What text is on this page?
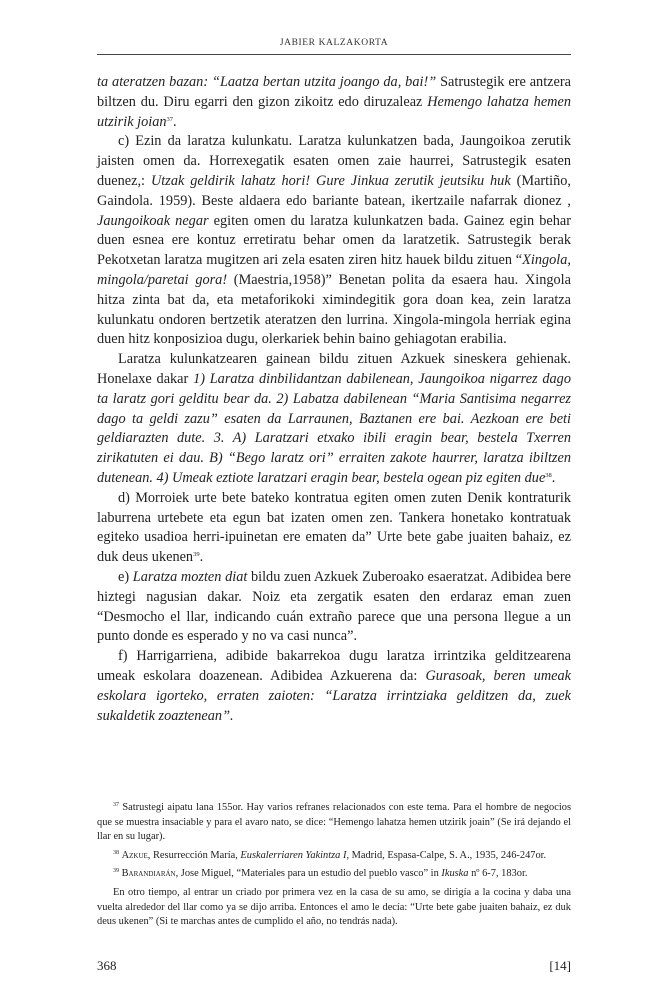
JABIER KALZAKORTA

ta ateratzen bazan: “Laatza bertan utzita joango da, bai!” Satrustegik ere antzera biltzen du. Diru egarri den gizon zikoitz edo diruzaleaz Hemengo lahatza hemen utzirik joian$^{37}$.

c) Ezin da laratza kulunkatu. Laratza kulunkatzen bada, Jaungoikoa zerutik jaisten omen da. Horrexegatik esaten omen zaie haurrei, Satrustegik esaten duenez,: Utzak geldirik lahatz hori! Gure Jinkua zerutik jeutsiku huk (Martiño, Gaindola. 1959). Beste aldaera edo bariante batean, ikertzaile nafarrak dionez , Jaungoikoak negar egiten omen du laratza kulunkatzen bada. Gainez egin behar duen esnea ere kontuz erretiratu behar omen da laratzetik. Satrustegik berak Pekotxetan laratza mugitzen ari zela esaten ziren hitz hauek bildu zituen “Xingola, mingola/paretai gora! (Maestria,1958)” Benetan polita da esaera hau. Xingola hitza zinta bat da, eta metaforikoki ximindegitik gora doan kea, zein laratza kulunkatu ondoren bertzetik ateratzen den lurrina. Xingola-mingola herriak egina duen hitz konposizioa dugu, olerkariek behin baino gehiagotan erabilia.

Laratza kulunkatzearen gainean bildu zituen Azkuek sineskera gehienak. Honelaxe dakar 1) Laratza dinbilidantzan dabilenean, Jaungoikoa nigarrez dago ta laratz gori gelditu bear da. 2) Labatza dabilenean “Maria Santisima negarrez dago ta geldi zazu” esaten da Larraunen, Baztanen ere bai. Aezkoan ere beti geldiarazten dute. 3. A) Laratzari etxako ibili eragin bear, bestela Txerren zirikatuten ei dau. B) “Bego laratz ori” erraiten zakote haurrer, laratza ibiltzen dutenean. 4) Umeak eztiote laratzari eragin bear, bestela ogean piz egiten due$^{38}$.

d) Morroiek urte bete bateko kontratua egiten omen zuten Denik kontraturik laburrena urtebete eta egun bat izaten omen zen. Tankera honetako kontratuak egiteko usadioa herri-ipuinetan ere ematen da” Urte bete gabe juaiten bahaiz, ez duk deus ukenen$^{39}$.

e) Laratza mozten diat bildu zuen Azkuek Zuberoako esaeratzat. Adibidea bere hiztegi nagusian dakar. Noiz eta zergatik esaten den erdaraz eman zuen “Desmocho el llar, indicando cuán extraño parece que una persona llegue a un punto donde es esperado y no va casi nunca”.

f) Harrigarriena, adibide bakarrekoa dugu laratza irrintzika gelditzearena umeak eskolara doazenean. Adibidea Azkuerena da: Gurasoak, beren umeak eskolara igorteko, erraten zaioten: “Laratza irrintziaka gelditzen da, zuek sukaldetik zoaztenean”.

$^{37}$ Satrustegi aipatu lana 155or. Hay varios refranes relacionados con este tema. Para el hombre de negocios que se muestra insaciable y para el avaro nato, se dice: “Hemengo lahatza hemen utzirik joain” (Se irá dejando el llar en su lugar).

$^{38}$ Azkue, Resurrección María, Euskalerriaren Yakintza I, Madrid, Espasa-Calpe, S. A., 1935, 246-247or.

$^{39}$ Barandiarán, Jose Miguel, “Materiales para un estudio del pueblo vasco” in Ikuska nº 6-7, 183or.

En otro tiempo, al entrar un criado por primera vez en la casa de su amo, se dirigía a la cocina y daba una vuelta alrededor del llar como ya se dijo arriba. Entonces el amo le decía: “Urte bete gabe juaiten bahaiz, ez duk deus ukenen” (Si te marchas antes de cumplido el año, no tendrás nada).

368	[14]
